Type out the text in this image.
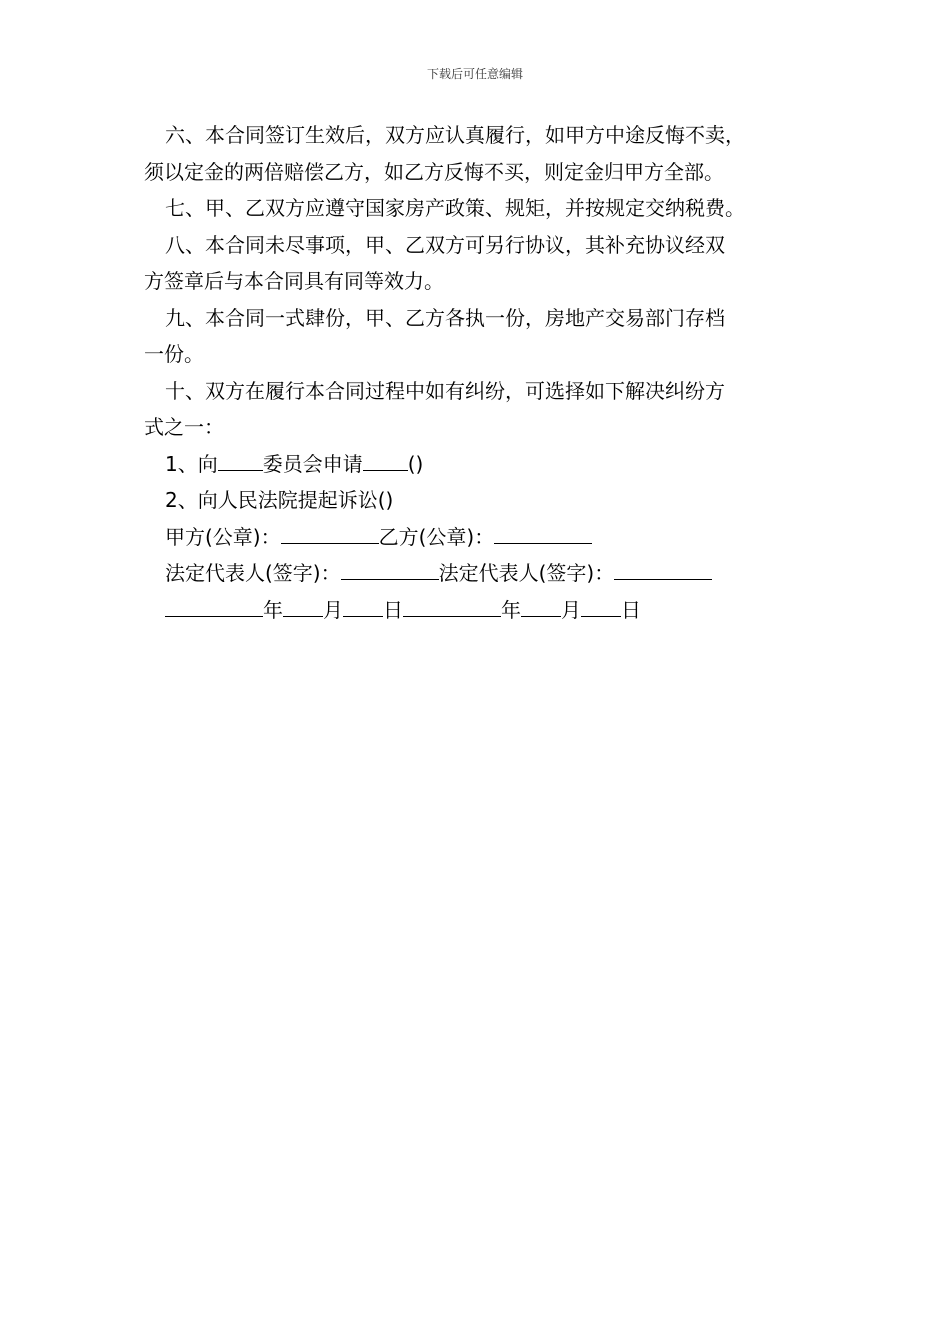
下载后可任意编辑

六、本合同签订生效后，双方应认真履行，如甲方中途反悔不卖，

须以定金的两倍赔偿乙方，如乙方反悔不买，则定金归甲方全部。

七、甲、乙双方应遵守国家房产政策、规矩，并按规定交纳税费。

八、本合同未尽事项，甲、乙双方可另行协议，其补充协议经双

方签章后与本合同具有同等效力。

九、本合同一式肆份，甲、乙方各执一份，房地产交易部门存档

一份。

十、双方在履行本合同过程中如有纠纷，可选择如下解决纠纷方

式之一：

1、向 委员会申请 ()

2、向人民法院提起诉讼()

甲方(公章)：	乙方(公章)：

法定代表人(签字)：	法定代表人(签字)：

年 月 日	年 月 日
